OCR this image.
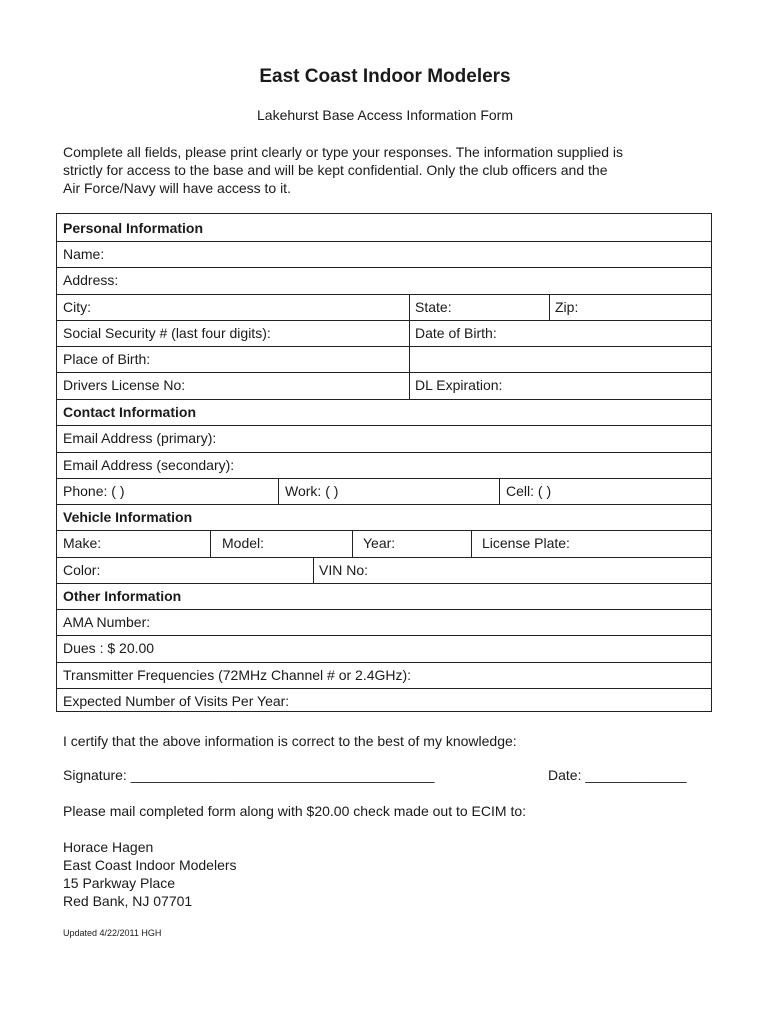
East Coast Indoor Modelers
Lakehurst Base Access Information Form
Complete all fields, please print clearly or type your responses. The information supplied is
strictly for access to the base and will be kept confidential. Only the club officers and the
Air Force/Navy will have access to it.
Personal Information
Name:
Address:
City:	State:	Zip:
Social Security # (last four digits):	Date of Birth:
Place of Birth:
Drivers License No:	DL Expiration:
Contact Information
Email Address (primary):
Email Address (secondary):
Phone: ( )	Work: ( )	Cell: ( )
Vehicle Information
Make:	Model:	Year:	License Plate:
Color:	VIN No:
Other Information
AMA Number:
Dues : $ 20.00
Transmitter Frequencies (72MHz Channel # or 2.4GHz):
Expected Number of Visits Per Year:
I certify that the above information is correct to the best of my knowledge:
Signature: _______________________________________	Date: _____________
Please mail completed form along with $20.00 check made out to ECIM to:
Horace Hagen
East Coast Indoor Modelers
15 Parkway Place
Red Bank, NJ 07701
Updated 4/22/2011 HGH
